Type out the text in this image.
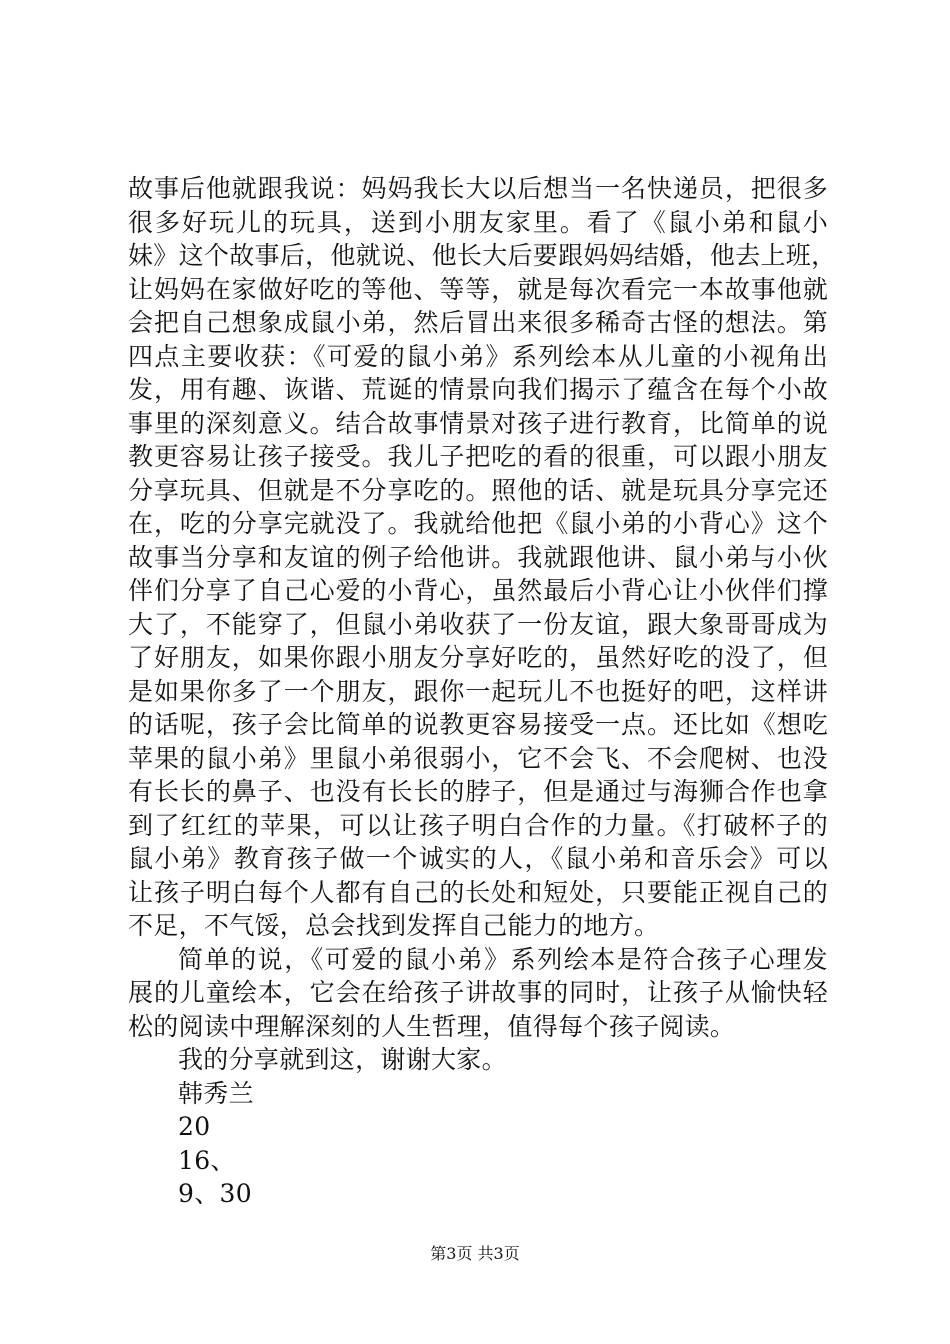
故事后他就跟我说：妈妈我长大以后想当一名快递员，把很多
很多好玩儿的玩具，送到小朋友家里。看了《鼠小弟和鼠小
妹》这个故事后，他就说、他长大后要跟妈妈结婚，他去上班，
让妈妈在家做好吃的等他、等等，就是每次看完一本故事他就
会把自己想象成鼠小弟，然后冒出来很多稀奇古怪的想法。第
四点主要收获：《可爱的鼠小弟》系列绘本从儿童的小视角出
发，用有趣、诙谐、荒诞的情景向我们揭示了蕴含在每个小故
事里的深刻意义。结合故事情景对孩子进行教育，比简单的说
教更容易让孩子接受。我儿子把吃的看的很重，可以跟小朋友
分享玩具、但就是不分享吃的。照他的话、就是玩具分享完还
在，吃的分享完就没了。我就给他把《鼠小弟的小背心》这个
故事当分享和友谊的例子给他讲。我就跟他讲、鼠小弟与小伙
伴们分享了自己心爱的小背心，虽然最后小背心让小伙伴们撑
大了，不能穿了，但鼠小弟收获了一份友谊，跟大象哥哥成为
了好朋友，如果你跟小朋友分享好吃的，虽然好吃的没了，但
是如果你多了一个朋友，跟你一起玩儿不也挺好的吧，这样讲
的话呢，孩子会比简单的说教更容易接受一点。还比如《想吃
苹果的鼠小弟》里鼠小弟很弱小，它不会飞、不会爬树、也没
有长长的鼻子、也没有长长的脖子，但是通过与海狮合作也拿
到了红红的苹果，可以让孩子明白合作的力量。《打破杯子的
鼠小弟》教育孩子做一个诚实的人，《鼠小弟和音乐会》可以
让孩子明白每个人都有自己的长处和短处，只要能正视自己的
不足，不气馁，总会找到发挥自己能力的地方。
简单的说，《可爱的鼠小弟》系列绘本是符合孩子心理发
展的儿童绘本，它会在给孩子讲故事的同时，让孩子从愉快轻
松的阅读中理解深刻的人生哲理，值得每个孩子阅读。
我的分享就到这，谢谢大家。
韩秀兰
20
16、
9、30
第3页 共3页
